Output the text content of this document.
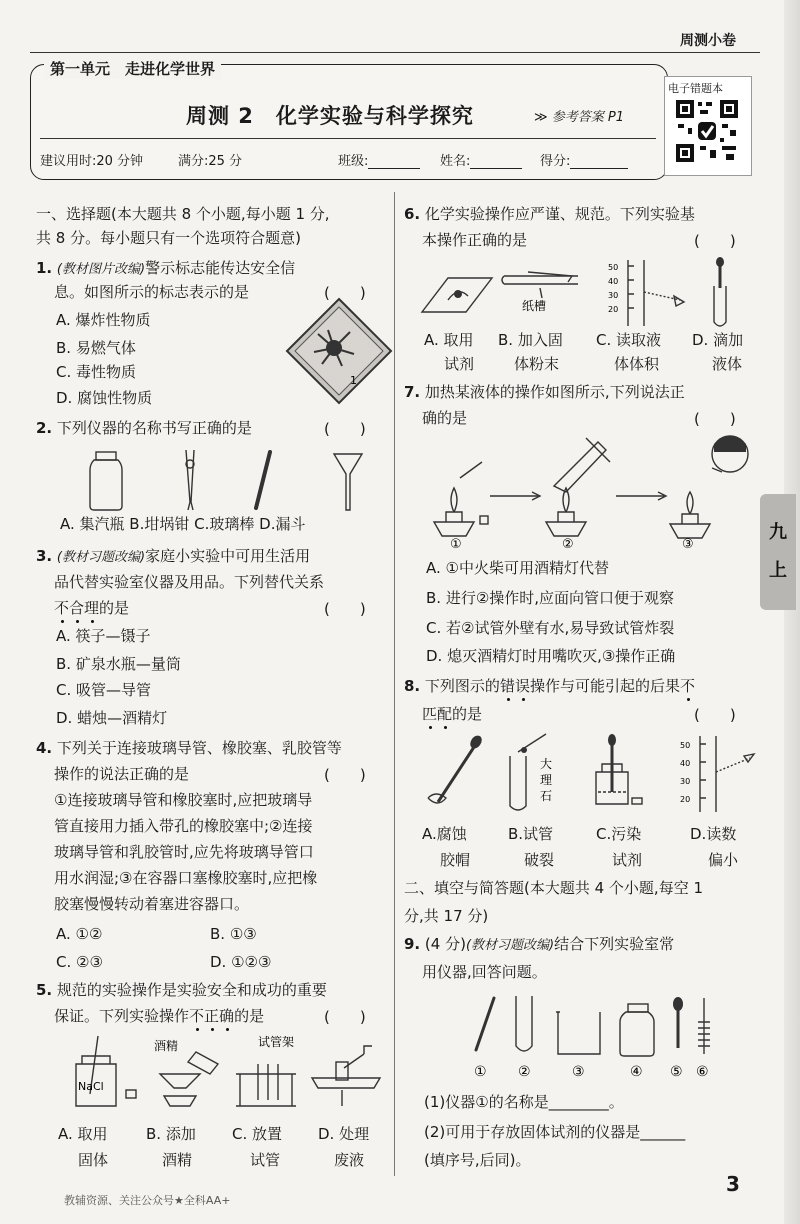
周测小卷
第一单元　走进化学世界
周测 2　化学实验与科学探究	≫ 参考答案 P1
建议用时:20 分钟	满分:25 分	班级:	姓名:	得分:
电子错题本
一、选择题(本大题共 8 个小题,每小题 1 分,
共 8 分。每小题只有一个选项符合题意)
1. (教材图片改编)警示标志能传达安全信
息。如图所示的标志表示的是	(　　)
A. 爆炸性物质
B. 易燃气体
C. 毒性物质
D. 腐蚀性物质
1
2. 下列仪器的名称书写正确的是	(　　)
A. 集汽瓶 B.坩埚钳 C.玻璃棒 D.漏斗
3. (教材习题改编)家庭小实验中可用生活用
品代替实验室仪器及用品。下列替代关系
不合理的是	(　　)
A. 筷子—镊子
B. 矿泉水瓶—量筒
C. 吸管—导管
D. 蜡烛—酒精灯
4. 下列关于连接玻璃导管、橡胶塞、乳胶管等
操作的说法正确的是	(　　)
①连接玻璃导管和橡胶塞时,应把玻璃导
管直接用力插入带孔的橡胶塞中;②连接
玻璃导管和乳胶管时,应先将玻璃导管口
用水润湿;③在容器口塞橡胶塞时,应把橡
胶塞慢慢转动着塞进容器口。
A. ①②	B. ①③
C. ②③	D. ①②③
5. 规范的实验操作是实验安全和成功的重要
保证。下列实验操作不正确的是	(　　)
NaCl
酒精	试管架
A. 取用	B. 添加 C. 放置 D. 处理
固体	酒精	试管	废液
6. 化学实验操作应严谨、规范。下列实验基
本操作正确的是	(　　)
纸槽
50
40
30
20
A. 取用 B. 加入固 C. 读取液 D. 滴加
试剂	体粉末	体体积	液体
7. 加热某液体的操作如图所示,下列说法正
确的是	(　　)
①	②	③
A. ①中火柴可用酒精灯代替
B. 进行②操作时,应面向管口便于观察
C. 若②试管外壁有水,易导致试管炸裂
D. 熄灭酒精灯时用嘴吹灭,③操作正确
8. 下列图示的错误操作与可能引起的后果不
匹配的是	(　　)
大
理
石
50
40
30
20
A.腐蚀	B.试管	C.污染	D.读数
胶帽	破裂	试剂	偏小
二、填空与简答题(本大题共 4 个小题,每空 1
分,共 17 分)
9. (4 分)(教材习题改编)结合下列实验室常
用仪器,回答问题。
① ②	③	④ ⑤ ⑥
(1)仪器①的名称是________。
(2)可用于存放固体试剂的仪器是______
(填序号,后同)。
九
上
教辅资源、关注公众号★全科AA+
3
